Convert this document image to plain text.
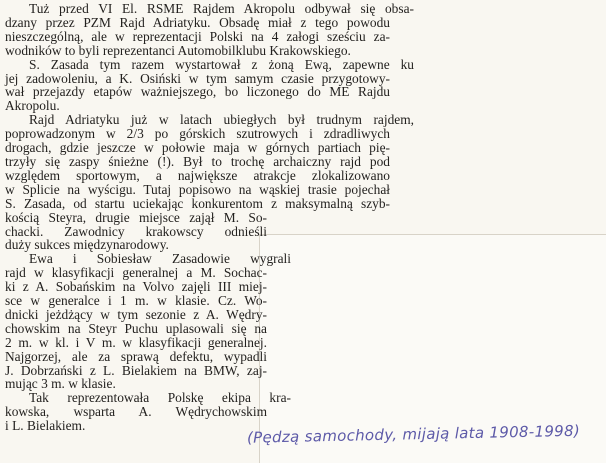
Tuż przed VI El. RSME Rajdem Akropolu odbywał się obsa-
dzany przez PZM Rajd Adriatyku. Obsadę miał z tego powodu
nieszczególną, ale w reprezentacji Polski na 4 załogi sześciu za-
wodników to byli reprezentanci Automobilklubu Krakowskiego.
S. Zasada tym razem wystartował z żoną Ewą, zapewne ku
jej zadowoleniu, a K. Osiński w tym samym czasie przygotowy-
wał przejazdy etapów ważniejszego, bo liczonego do ME Rajdu
Akropolu.
Rajd Adriatyku już w latach ubiegłych był trudnym rajdem,
poprowadzonym w 2/3 po górskich szutrowych i zdradliwych
drogach, gdzie jeszcze w połowie maja w górnych partiach pię-
trzyły się zaspy śnieżne (!). Był to trochę archaiczny rajd pod
względem sportowym, a największe atrakcje zlokalizowano
w Splicie na wyścigu. Tutaj popisowo na wąskiej trasie pojechał
S. Zasada, od startu uciekając konkurentom z maksymalną szyb-
kością Steyra, drugie miejsce zajął M. So-
chacki. Zawodnicy krakowscy odnieśli
duży sukces międzynarodowy.
Ewa i Sobiesław Zasadowie wygrali
rajd w klasyfikacji generalnej a M. Sochac-
ki z A. Sobańskim na Volvo zajęli III miej-
sce w generalce i 1 m. w klasie. Cz. Wo-
dnicki jeżdżący w tym sezonie z A. Wędry-
chowskim na Steyr Puchu uplasowali się na
2 m. w kl. i V m. w klasyfikacji generalnej.
Najgorzej, ale za sprawą defektu, wypadli
J. Dobrzański z L. Bielakiem na BMW, zaj-
mując 3 m. w klasie.
Tak reprezentowała Polskę ekipa kra-
kowska, wsparta A. Wędrychowskim
i L. Bielakiem.	(Pędzą samochody, mijają lata 1908-1998)
